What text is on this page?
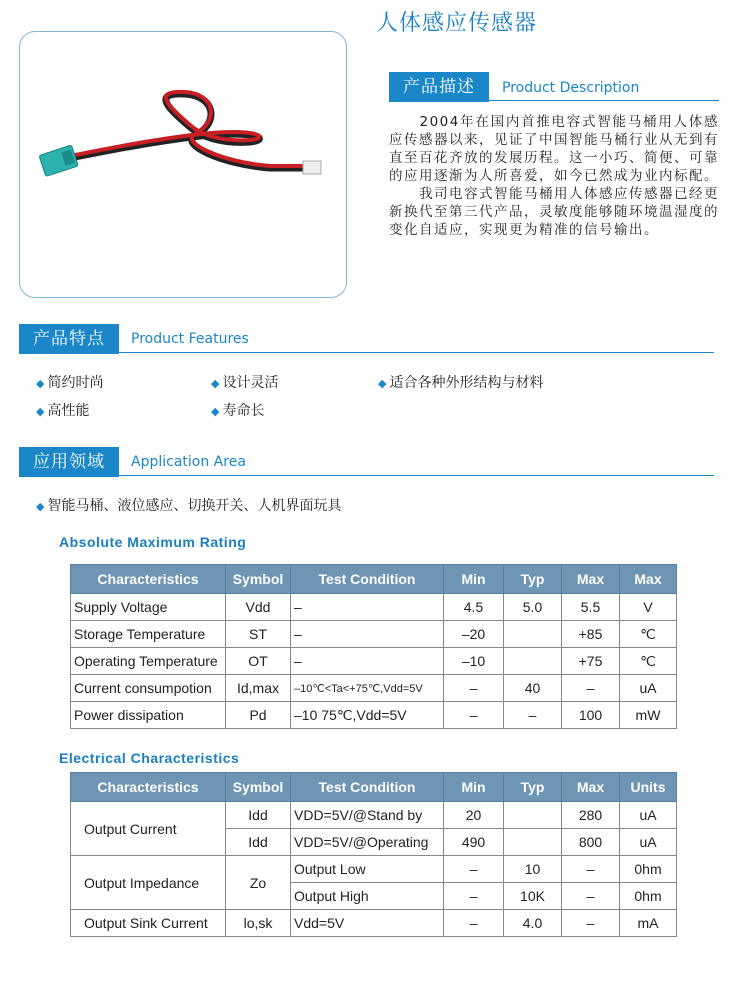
人体感应传感器
产品描述	Product Description

　　2004年在国内首推电容式智能马桶用人体感应传感器以来，见证了中国智能马桶行业从无到有直至百花齐放的发展历程。这一小巧、简便、可靠的应用逐渐为人所喜爱，如今已然成为业内标配。

　　我司电容式智能马桶用人体感应传感器已经更新换代至第三代产品，灵敏度能够随环境温湿度的变化自适应，实现更为精准的信号输出。

产品特点	Product Features
◆ 简约时尚	◆ 设计灵活	◆ 适合各种外形结构与材料
◆ 高性能	◆ 寿命长
应用领域	Application Area
◆ 智能马桶、液位感应、切换开关、人机界面玩具
Absolute Maximum Rating
Characteristics	Symbol	Test Condition	Min	Typ	Max	Max
Supply Voltage	Vdd	–	4.5	5.0	5.5	V
Storage Temperature	ST	–	–20		+85	℃
Operating Temperature	OT	–	–10		+75	℃
Current consumpotion	Id,max	–10℃<Ta<+75℃,Vdd=5V	–	40	–	uA
Power dissipation	Pd	–10 75℃,Vdd=5V	–	–	100	mW
Electrical Characteristics
Characteristics	Symbol	Test Condition	Min	Typ	Max	Units
Output Current	Idd	VDD=5V/@Stand by	20		280	uA
	Idd	VDD=5V/@Operating	490		800	uA
Output Impedance	Zo	Output Low	–	10	–	0hm
		Output High	–	10K	–	0hm
Output Sink Current	lo,sk	Vdd=5V	–	4.0	–	mA
